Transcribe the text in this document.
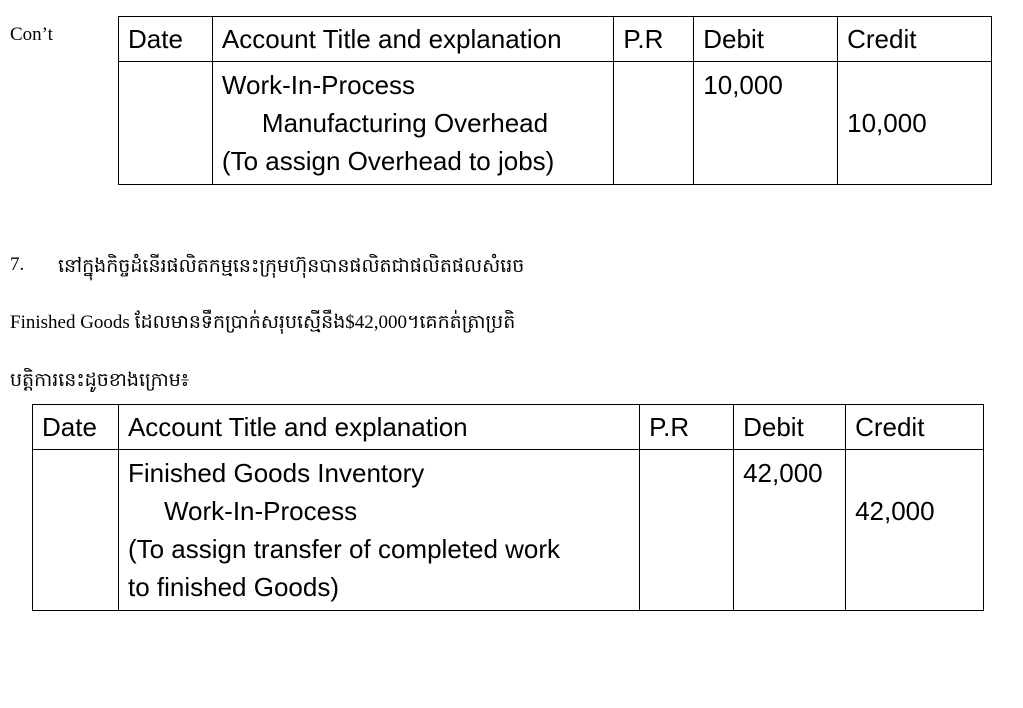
Con’t	Date	Account Title and explanation	P.R	Debit	Credit

	Work-In-Process
Manufacturing Overhead
(To assign Overhead to jobs)		10,000	10,000
7. នៅក្នុងកិច្ចដំនើរផលិតកម្មនេះក្រុមហ៊ុនបានផលិតជាផលិតផលសំរេច
Finished Goods ដែលមានទឹកប្រាក់សរុបស្មើនឹង$42,000។គេកត់ត្រាប្រតិ
បត្តិការនេះដូចខាងក្រោម៖
Date	Account Title and explanation	P.R	Debit	Credit

	Finished Goods Inventory
Work-In-Process
(To assign transfer of completed work
to finished Goods)		42,000	42,000
